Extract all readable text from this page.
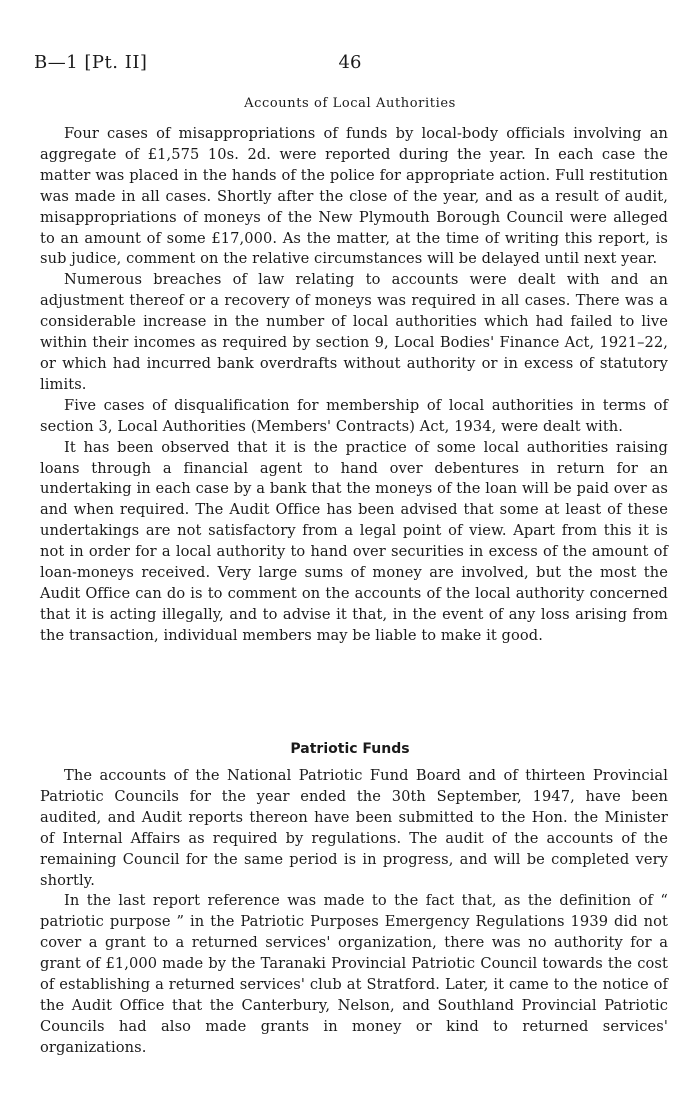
B—1 [Pt. II]	46
Accounts of Local Authorities

Four cases of misappropriations of funds by local-body officials involving an aggregate of £1,575 10s. 2d. were reported during the year. In each case the matter was placed in the hands of the police for appropriate action. Full restitution was made in all cases. Shortly after the close of the year, and as a result of audit, misappropriations of moneys of the New Plymouth Borough Council were alleged to an amount of some £17,000. As the matter, at the time of writing this report, is sub judice, comment on the relative circumstances will be delayed until next year.

Numerous breaches of law relating to accounts were dealt with and an adjustment thereof or a recovery of moneys was required in all cases. There was a considerable increase in the number of local authorities which had failed to live within their incomes as required by section 9, Local Bodies' Finance Act, 1921–22, or which had incurred bank overdrafts without authority or in excess of statutory limits.

Five cases of disqualification for membership of local authorities in terms of section 3, Local Authorities (Members' Contracts) Act, 1934, were dealt with.

It has been observed that it is the practice of some local authorities raising loans through a financial agent to hand over debentures in return for an undertaking in each case by a bank that the moneys of the loan will be paid over as and when required. The Audit Office has been advised that some at least of these undertakings are not satisfactory from a legal point of view. Apart from this it is not in order for a local authority to hand over securities in excess of the amount of loan-moneys received. Very large sums of money are involved, but the most the Audit Office can do is to comment on the accounts of the local authority concerned that it is acting illegally, and to advise it that, in the event of any loss arising from the transaction, individual members may be liable to make it good.

Patriotic Funds

The accounts of the National Patriotic Fund Board and of thirteen Provincial Patriotic Councils for the year ended the 30th September, 1947, have been audited, and Audit reports thereon have been submitted to the Hon. the Minister of Internal Affairs as required by regulations. The audit of the accounts of the remaining Council for the same period is in progress, and will be completed very shortly.

In the last report reference was made to the fact that, as the definition of “ patriotic purpose ” in the Patriotic Purposes Emergency Regulations 1939 did not cover a grant to a returned services' organization, there was no authority for a grant of £1,000 made by the Taranaki Provincial Patriotic Council towards the cost of establishing a returned services' club at Stratford. Later, it came to the notice of the Audit Office that the Canterbury, Nelson, and Southland Provincial Patriotic Councils had also made grants in money or kind to returned services' organizations.
